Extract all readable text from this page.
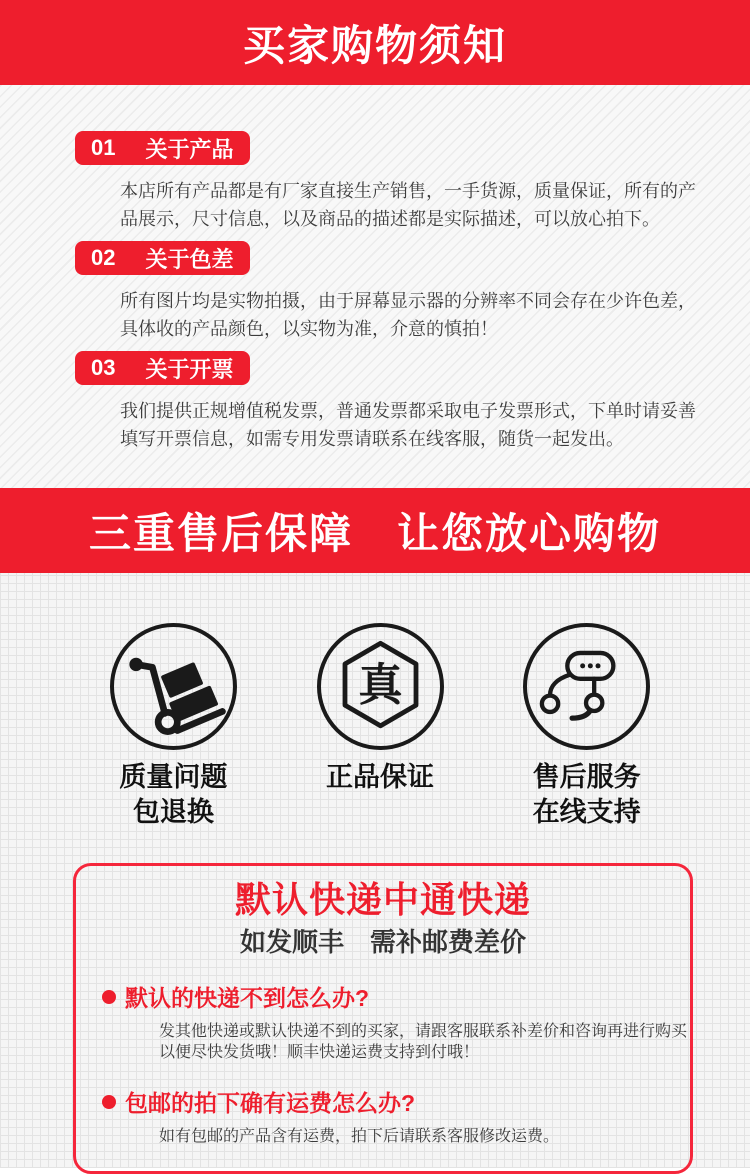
买家购物须知
01 关于产品

本店所有产品都是有厂家直接生产销售，一手货源，质量保证，所有的产品展示，尺寸信息，以及商品的描述都是实际描述，可以放心拍下。

02 关于色差

所有图片均是实物拍摄，由于屏幕显示器的分辨率不同会存在少许色差，具体收的产品颜色，以实物为准，介意的慎拍！

03 关于开票

我们提供正规增值税发票，普通发票都采取电子发票形式，下单时请妥善填写开票信息，如需专用发票请联系在线客服，随货一起发出。

三重售后保障　让您放心购物
质量问题
包退换
真
正品保证	售后服务
在线支持
默认快递中通快递
如发顺丰　需补邮费差价
默认的快递不到怎么办?

发其他快递或默认快递不到的买家，请跟客服联系补差价和咨询再进行购买以便尽快发货哦！顺丰快递运费支持到付哦！

包邮的拍下确有运费怎么办?

如有包邮的产品含有运费，拍下后请联系客服修改运费。
